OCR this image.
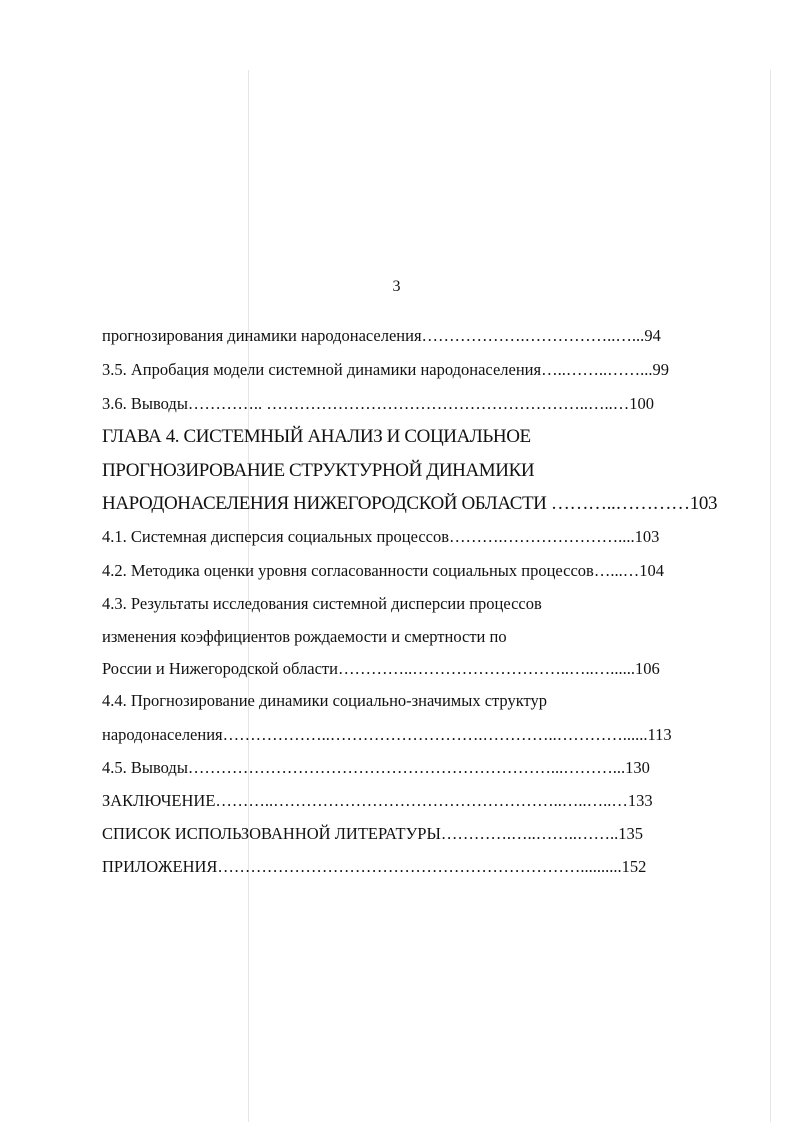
3
прогнозирования динамики народонаселения……………….……………..…... 94
3.5. Апробация модели системной динамики народонаселения…..……..……... 99
3.6. Выводы………….. …………………………………………………..…..… 100
ГЛАВА 4. СИСТЕМНЫЙ АНАЛИЗ И СОЦИАЛЬНОЕ
ПРОГНОЗИРОВАНИЕ СТРУКТУРНОЙ ДИНАМИКИ
НАРОДОНАСЕЛЕНИЯ НИЖЕГОРОДСКОЙ ОБЛАСТИ ………..………… 103
4.1. Системная дисперсия социальных процессов……….………………….... 103
4.2. Методика оценки уровня согласованности социальных процессов…...… 104
4.3. Результаты исследования системной дисперсии процессов
изменения коэффициентов рождаемости и смертности по
России и Нижегородской области…………..………………………..…..…...... 106
4.4. Прогнозирование динамики социально-значимых структур
народонаселения………………..……………………….…………..…………...... 113
4.5. Выводы…………………………………………………………...………... 130
ЗАКЛЮЧЕНИЕ………..……………………………………………..…..…..… 133
СПИСОК ИСПОЛЬЗОВАННОЙ ЛИТЕРАТУРЫ………….…..……..…….. 135
ПРИЛОЖЕНИЯ………………………………………………………….......... 152
